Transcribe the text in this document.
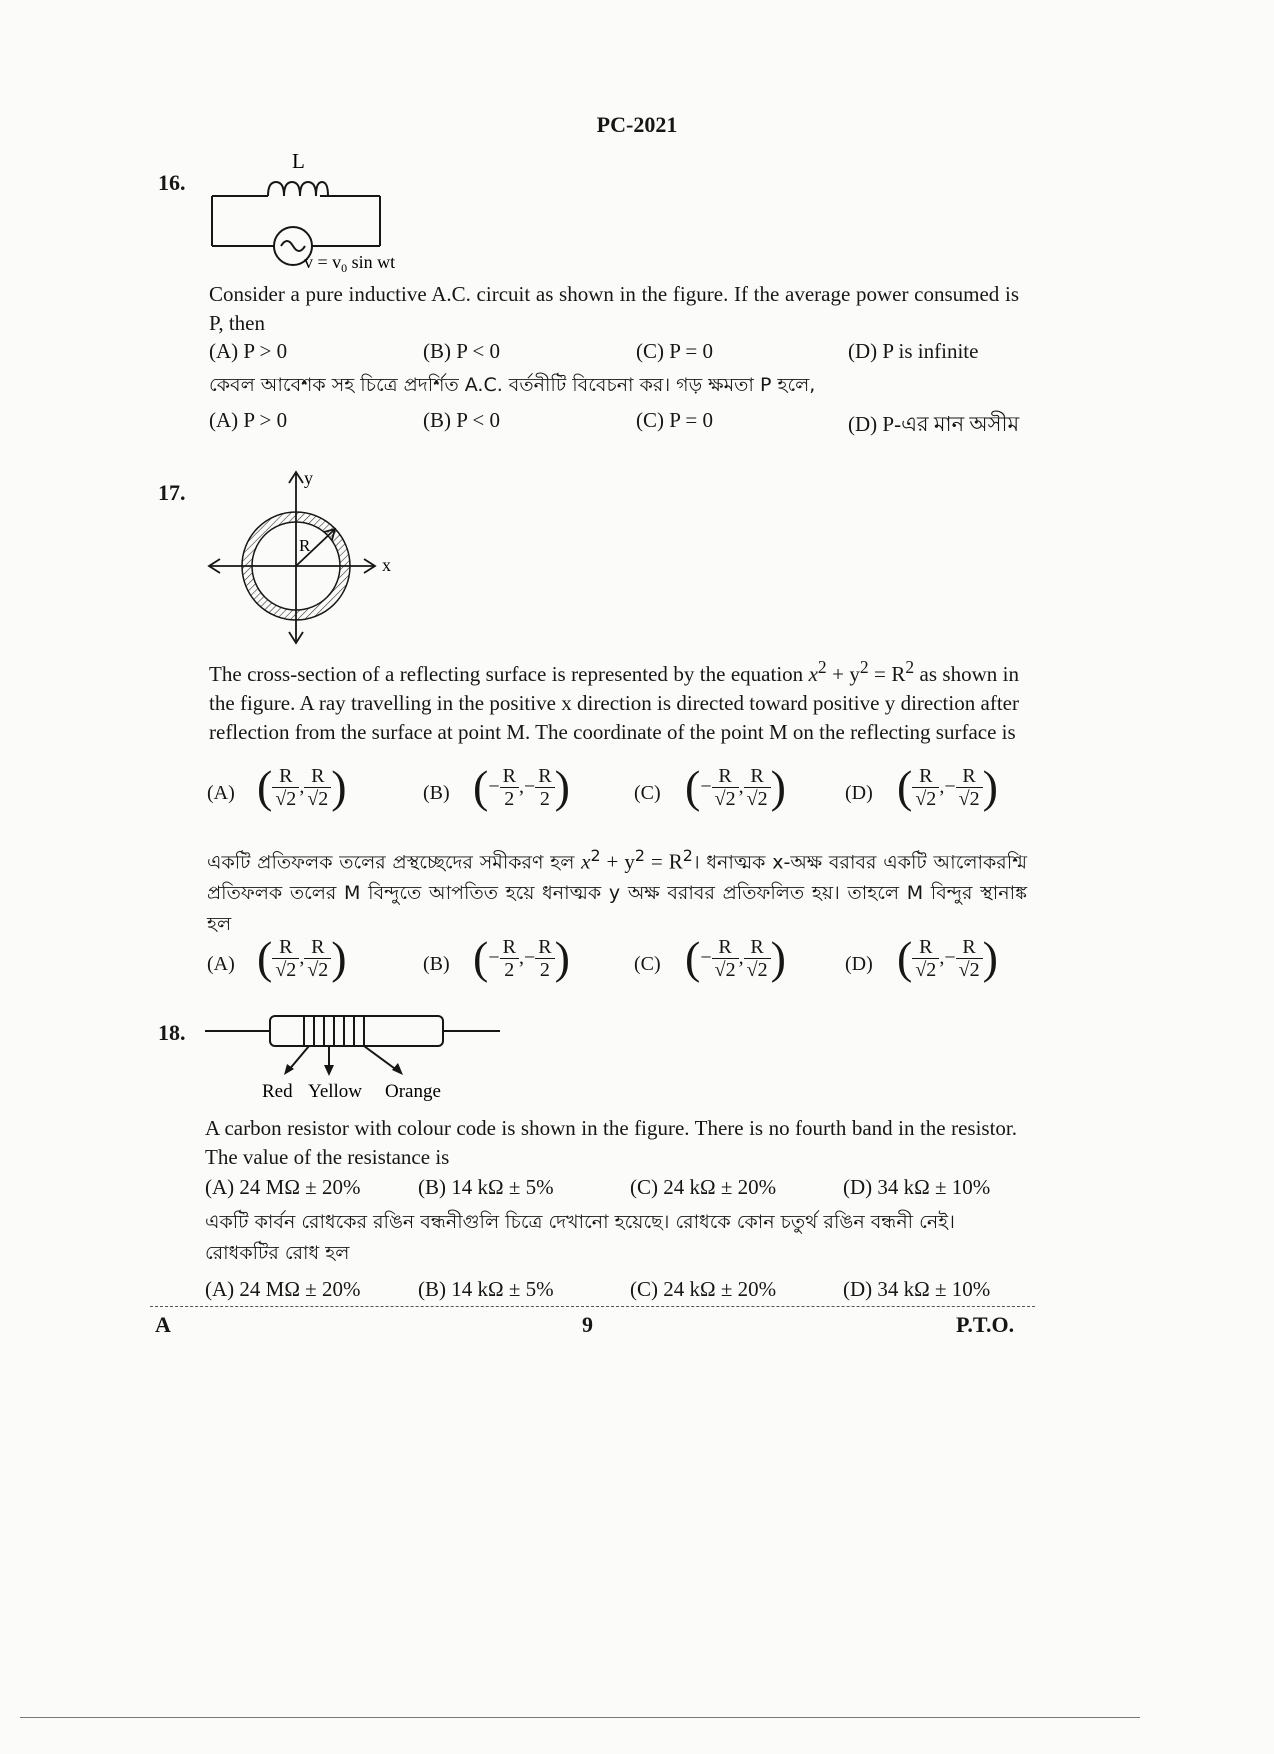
PC-2021
16.
L
$v = v_0$ sin wt
Consider a pure inductive A.C. circuit as shown in the figure. If the average power consumed is P, then
(A) P > 0	(B) P < 0	(C) P = 0	(D) P is infinite
কেবল আবেশক সহ চিত্রে প্রদর্শিত A.C. বর্তনীটি বিবেচনা কর। গড় ক্ষমতা P হলে,
(A) P > 0	(B) P < 0	(C) P = 0	(D) P-এর মান অসীম
17.
y
x
R
The cross-section of a reflecting surface is represented by the equation $x^2 + y^2 = R^2$ as shown in the figure. A ray travelling in the positive x direction is directed toward positive y direction after reflection from the surface at point M. The coordinate of the point M on the reflecting surface is
(A) ( $\frac{R}{√2}$ , $\frac{R}{√2}$ )	(B) (− $\frac{R}{2}$ ,− $\frac{R}{2}$ )	(C) (− $\frac{R}{√2}$ , $\frac{R}{√2}$ )	(D) ( $\frac{R}{√2}$ ,− $\frac{R}{√2}$ )
একটি প্রতিফলক তলের প্রস্থচ্ছেদের সমীকরণ হল $x^2 + y^2$ = $R^2।$ ধনাত্মক x-অক্ষ বরাবর একটি আলোকরশ্মি প্রতিফলক তলের M বিন্দুতে আপতিত হয়ে ধনাত্মক y অক্ষ বরাবর প্রতিফলিত হয়। তাহলে M বিন্দুর স্থানাঙ্ক হল
(A) ( $\frac{R}{√2}$ , $\frac{R}{√2}$ )	(B) (− $\frac{R}{2}$ ,− $\frac{R}{2}$ )	(C) (− $\frac{R}{√2}$ , $\frac{R}{√2}$ )	(D) ( $\frac{R}{√2}$ ,− $\frac{R}{√2}$ )
18.
Red Yellow Orange
A carbon resistor with colour code is shown in the figure. There is no fourth band in the resistor. The value of the resistance is
(A) 24 MΩ ± 20%	(B) 14 kΩ ± 5%	(C) 24 kΩ ± 20%	(D) 34 kΩ ± 10%
একটি কার্বন রোধকের রঙিন বন্ধনীগুলি চিত্রে দেখানো হয়েছে। রোধকে কোন চতুর্থ রঙিন বন্ধনী নেই। রোধকটির রোধ হল
(A) 24 MΩ ± 20%	(B) 14 kΩ ± 5%	(C) 24 kΩ ± 20%	(D) 34 kΩ ± 10%
A	9	P.T.O.
